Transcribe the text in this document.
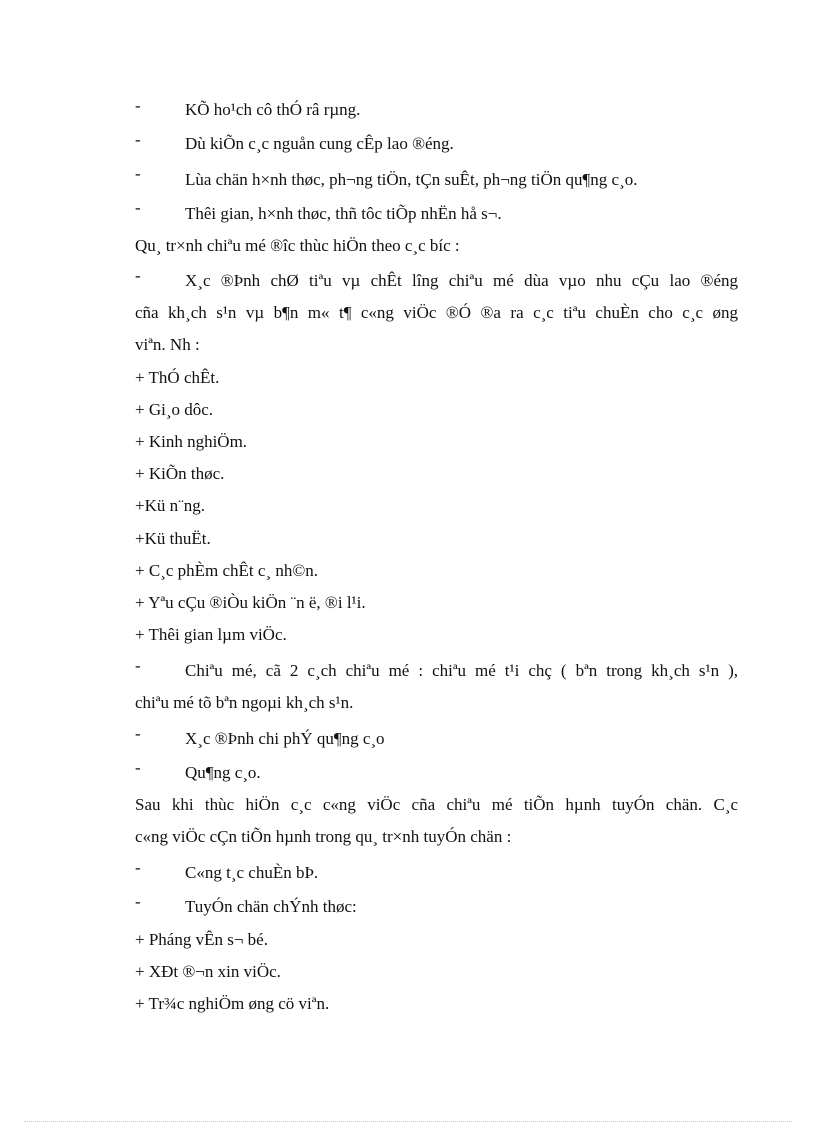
-	KÕ ho¹ch cô thÓ râ rµng.
-	Dù kiÕn c¸c nguån cung cÊp lao ®éng.
-	Lùa chän h×nh thøc, ph¬ng tiÖn, tÇn suÊt, ph¬ng tiÖn qu¶ng c¸o.
-	Thêi gian, h×nh thøc, thñ tôc tiÕp nhËn hå s¬.
Qu¸ tr×nh chiªu mé ®îc thùc hiÖn theo c¸c bíc :
-	X¸c ®Þnh chØ tiªu vµ chÊt lîng chiªu mé dùa vµo nhu cÇu lao ®éng
cña kh¸ch s¹n vµ b¶n m« t¶ c«ng viÖc ®Ó ®a ra c¸c tiªu chuÈn cho c¸c øng
viªn. Nh :
+ ThÓ chÊt.
+ Gi¸o dôc.
+ Kinh nghiÖm.
+ KiÕn thøc.
+Kü n¨ng.
+Kü thuËt.
+ C¸c phÈm chÊt c¸ nh©n.
+ Yªu cÇu ®iÒu kiÖn ¨n ë, ®i l¹i.
+ Thêi gian lµm viÖc.
-	Chiªu mé, cã 2 c¸ch chiªu mé : chiªu mé t¹i chç ( bªn trong kh¸ch s¹n ),
chiªu mé tõ bªn ngoµi kh¸ch s¹n.
-	X¸c ®Þnh chi phÝ qu¶ng c¸o
-	Qu¶ng c¸o.
Sau khi thùc hiÖn c¸c c«ng viÖc cña chiªu mé tiÕn hµnh tuyÓn chän. C¸c
c«ng viÖc cÇn tiÕn hµnh trong qu¸ tr×nh tuyÓn chän :
-	C«ng t¸c chuÈn bÞ.
-	TuyÓn chän chÝnh thøc:
+ Pháng vÊn s¬ bé.
+ XÐt ®¬n xin viÖc.
+ Tr¾c nghiÖm øng cö viªn.
